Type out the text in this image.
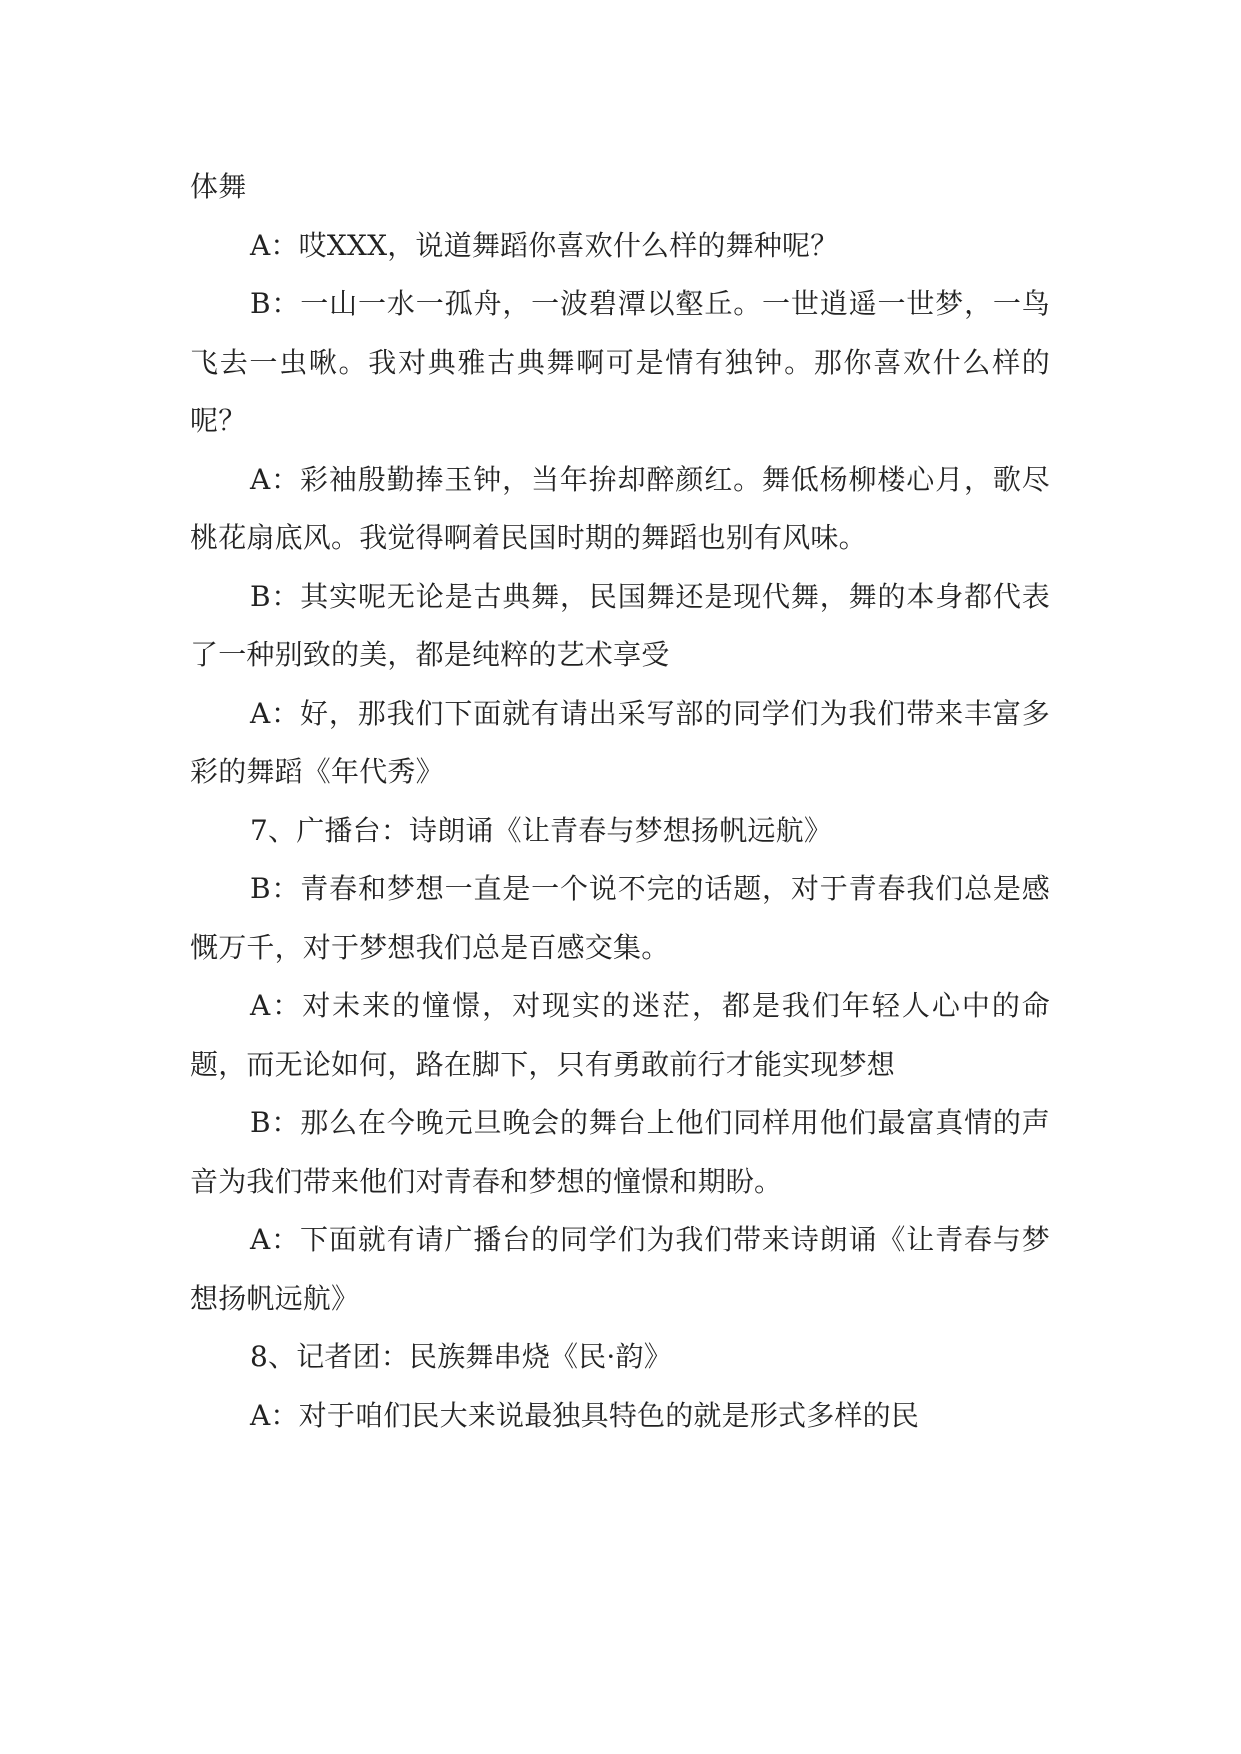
体舞

A：哎XXX，说道舞蹈你喜欢什么样的舞种呢？

B：一山一水一孤舟，一波碧潭以壑丘。一世逍遥一世梦，一鸟飞去一虫啾。我对典雅古典舞啊可是情有独钟。那你喜欢什么样的呢？

A：彩袖殷勤捧玉钟，当年拚却醉颜红。舞低杨柳楼心月，歌尽桃花扇底风。我觉得啊着民国时期的舞蹈也别有风味。

B：其实呢无论是古典舞，民国舞还是现代舞，舞的本身都代表了一种别致的美，都是纯粹的艺术享受

A：好，那我们下面就有请出采写部的同学们为我们带来丰富多彩的舞蹈《年代秀》

7、广播台：诗朗诵《让青春与梦想扬帆远航》

B：青春和梦想一直是一个说不完的话题，对于青春我们总是感慨万千，对于梦想我们总是百感交集。

A：对未来的憧憬，对现实的迷茫，都是我们年轻人心中的命题，而无论如何，路在脚下，只有勇敢前行才能实现梦想

B：那么在今晚元旦晚会的舞台上他们同样用他们最富真情的声音为我们带来他们对青春和梦想的憧憬和期盼。

A：下面就有请广播台的同学们为我们带来诗朗诵《让青春与梦想扬帆远航》

8、记者团：民族舞串烧《民·韵》

A：对于咱们民大来说最独具特色的就是形式多样的民
